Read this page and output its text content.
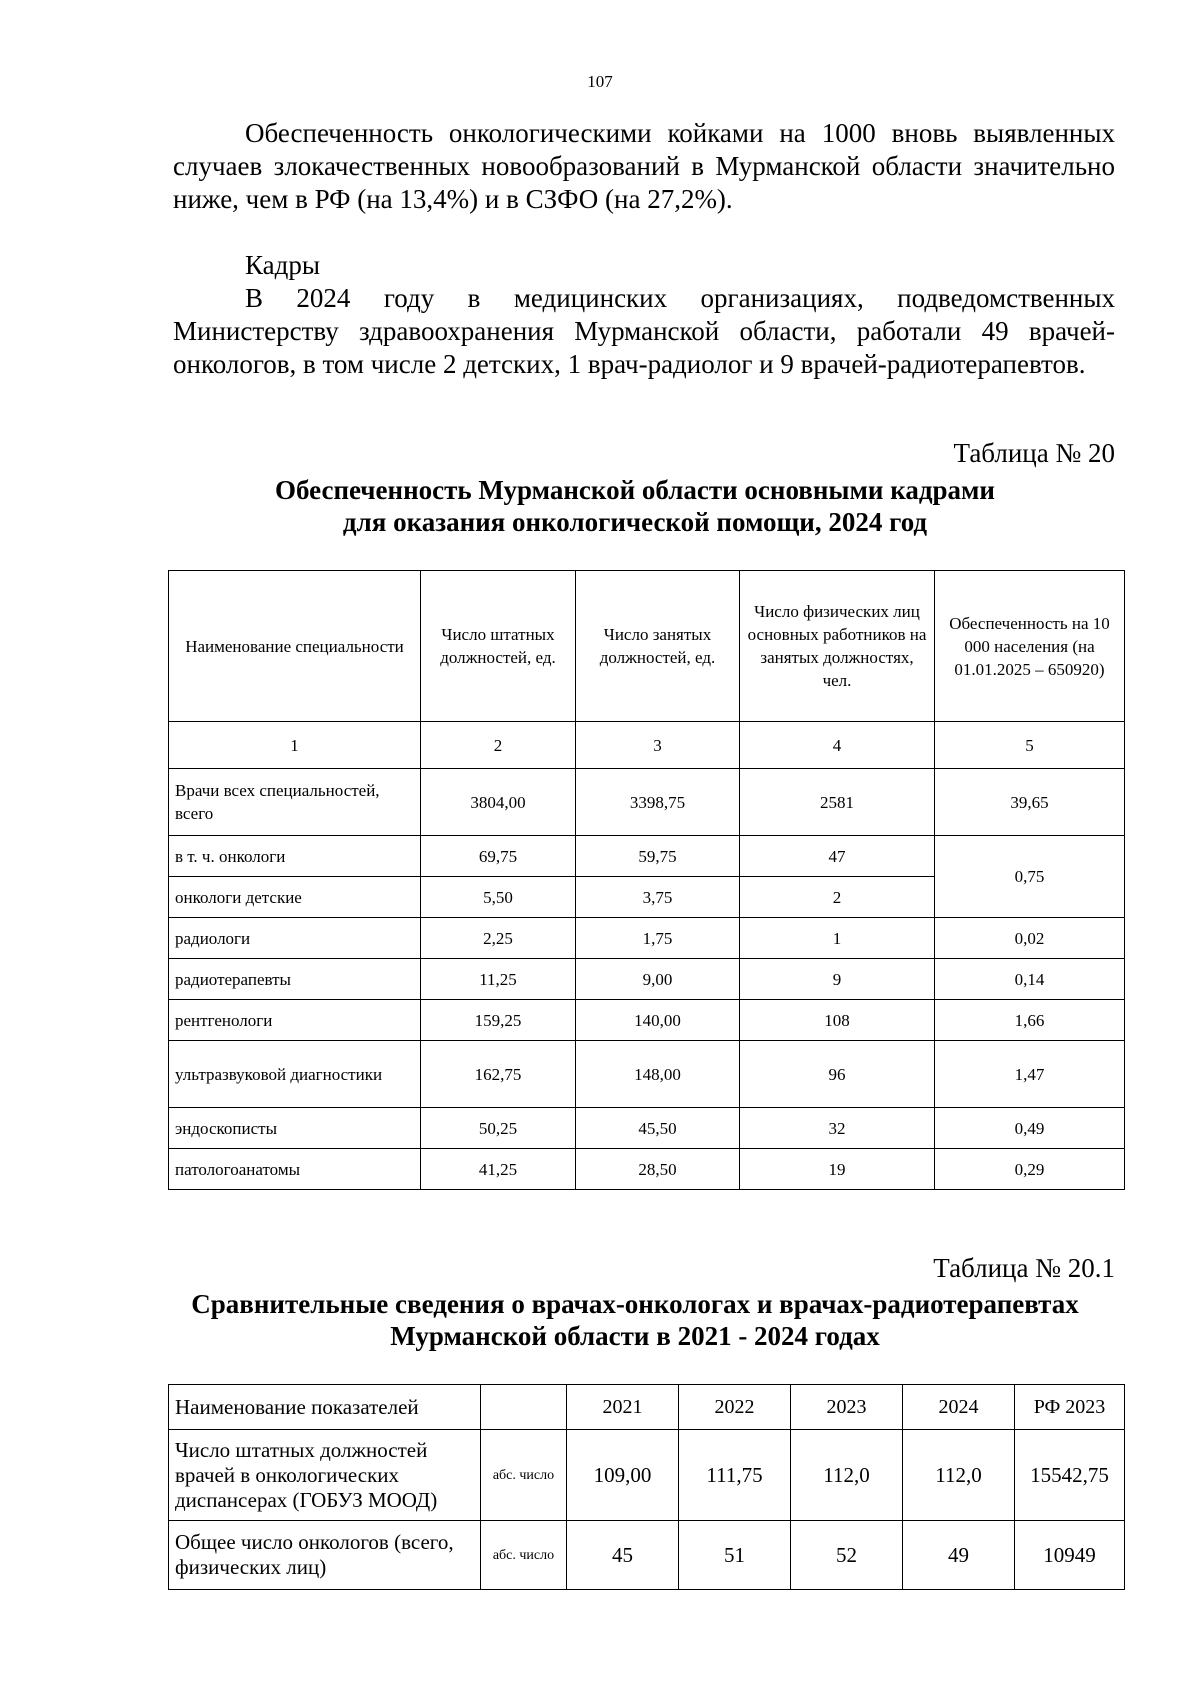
107
Обеспеченность онкологическими койками на 1000 вновь выявленных случаев злокачественных новообразований в Мурманской области значительно ниже, чем в РФ (на 13,4%) и в СЗФО (на 27,2%).
Кадры
В 2024 году в медицинских организациях, подведомственных Министерству здравоохранения Мурманской области, работали 49 врачей-онкологов, в том числе 2 детских, 1 врач-радиолог и 9 врачей-радиотерапевтов.
Таблица № 20
Обеспеченность Мурманской области основными кадрами
для оказания онкологической помощи, 2024 год
Наименование специальности	Число штатных должностей, ед.	Число занятых должностей, ед.	Число физических лиц основных работников на занятых должностях, чел.	Обеспеченность на 10 000 населения (на 01.01.2025 – 650920)
1	2	3	4	5
Врачи всех специальностей, всего	3804,00	3398,75	2581	39,65
в т. ч. онкологи	69,75	59,75	47	0,75
онкологи детские	5,50	3,75	2	
радиологи	2,25	1,75	1	0,02
радиотерапевты	11,25	9,00	9	0,14
рентгенологи	159,25	140,00	108	1,66
ультразвуковой диагностики	162,75	148,00	96	1,47
эндоскописты	50,25	45,50	32	0,49
патологоанатомы	41,25	28,50	19	0,29
Таблица № 20.1
Сравнительные сведения о врачах-онкологах и врачах-радиотерапевтах
Мурманской области в 2021 - 2024 годах
Наименование показателей		2021	2022	2023	2024	РФ 2023
Число штатных должностей врачей в онкологических диспансерах (ГОБУЗ МООД)	абс. число	109,00	111,75	112,0	112,0	15542,75
Общее число онкологов (всего, физических лиц)	абс. число	45	51	52	49	10949
